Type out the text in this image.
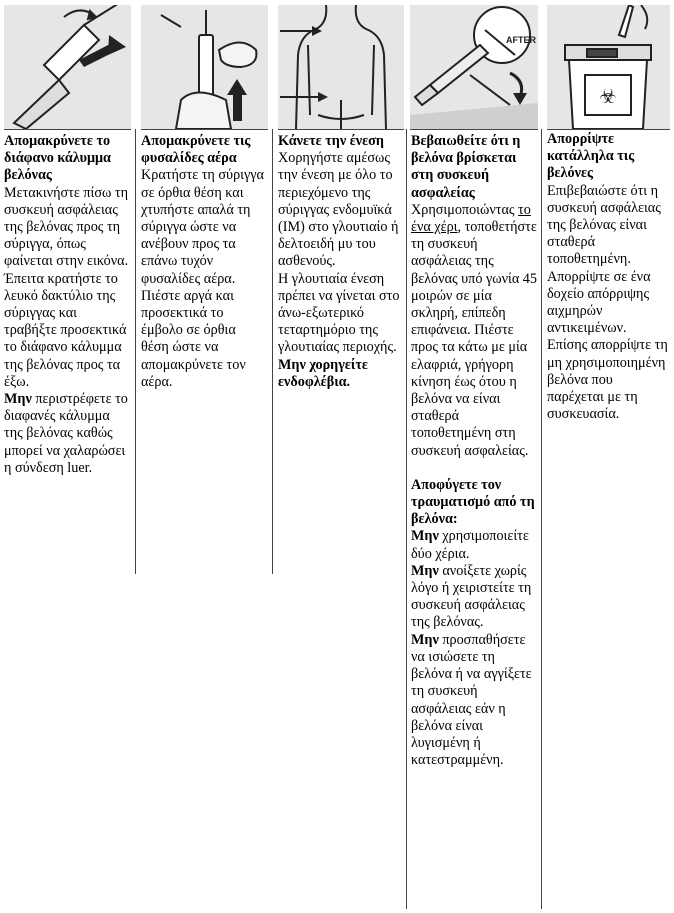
AFTER
☣

Απομακρύνετε το διάφανο κάλυμμα βελόνας

Μετακινήστε πίσω τη συσκευή ασφάλειας της βελόνας προς τη σύριγγα, όπως φαίνεται στην εικόνα.

Έπειτα κρατήστε το λευκό δακτύλιο της σύριγγας και τραβήξτε προσεκτικά το διάφανο κάλυμμα της βελόνας προς τα έξω.

Μην περιστρέφετε το διαφανές κάλυμμα της βελόνας καθώς μπορεί να χαλαρώσει η σύνδεση luer.

Απομακρύνετε τις φυσαλίδες αέρα

Κρατήστε τη σύριγγα σε όρθια θέση και χτυπήστε απαλά τη σύριγγα ώστε να ανέβουν προς τα επάνω τυχόν φυσαλίδες αέρα.

Πιέστε αργά και προσεκτικά το έμβολο σε όρθια θέση ώστε να απομακρύνετε τον αέρα.

Κάνετε την ένεση

Χορηγήστε αμέσως την ένεση με όλο το περιεχόμενο της σύριγγας ενδομυϊκά (IM) στο γλουτιαίο ή δελτοειδή μυ του ασθενούς.

Η γλουτιαία ένεση πρέπει να γίνεται στο άνω-εξωτερικό τεταρτημόριο της γλουτιαίας περιοχής.

Μην χορηγείτε ενδοφλέβια.

Βεβαιωθείτε ότι η βελόνα βρίσκεται στη συσκευή ασφαλείας

Χρησιμοποιώντας το ένα χέρι, τοποθετήστε τη συσκευή ασφάλειας της βελόνας υπό γωνία 45 μοιρών σε μία σκληρή, επίπεδη επιφάνεια. Πιέστε προς τα κάτω με μία ελαφριά, γρήγορη κίνηση έως ότου η βελόνα να είναι σταθερά τοποθετημένη στη συσκευή ασφαλείας.

Αποφύγετε τον τραυματισμό από τη βελόνα:

Μην χρησιμοποιείτε δύο χέρια.

Μην ανοίξετε χωρίς λόγο ή χειριστείτε τη συσκευή ασφάλειας της βελόνας.

Μην προσπαθήσετε να ισιώσετε τη βελόνα ή να αγγίξετε τη συσκευή ασφάλειας εάν η βελόνα είναι λυγισμένη ή κατεστραμμένη.

Απορρίψτε κατάλληλα τις βελόνες

Επιβεβαιώστε ότι η συσκευή ασφάλειας της βελόνας είναι σταθερά τοποθετημένη.

Απορρίψτε σε ένα δοχείο απόρριψης αιχμηρών αντικειμένων.

Επίσης απορρίψτε τη μη χρησιμοποιημένη βελόνα που παρέχεται με τη συσκευασία.
